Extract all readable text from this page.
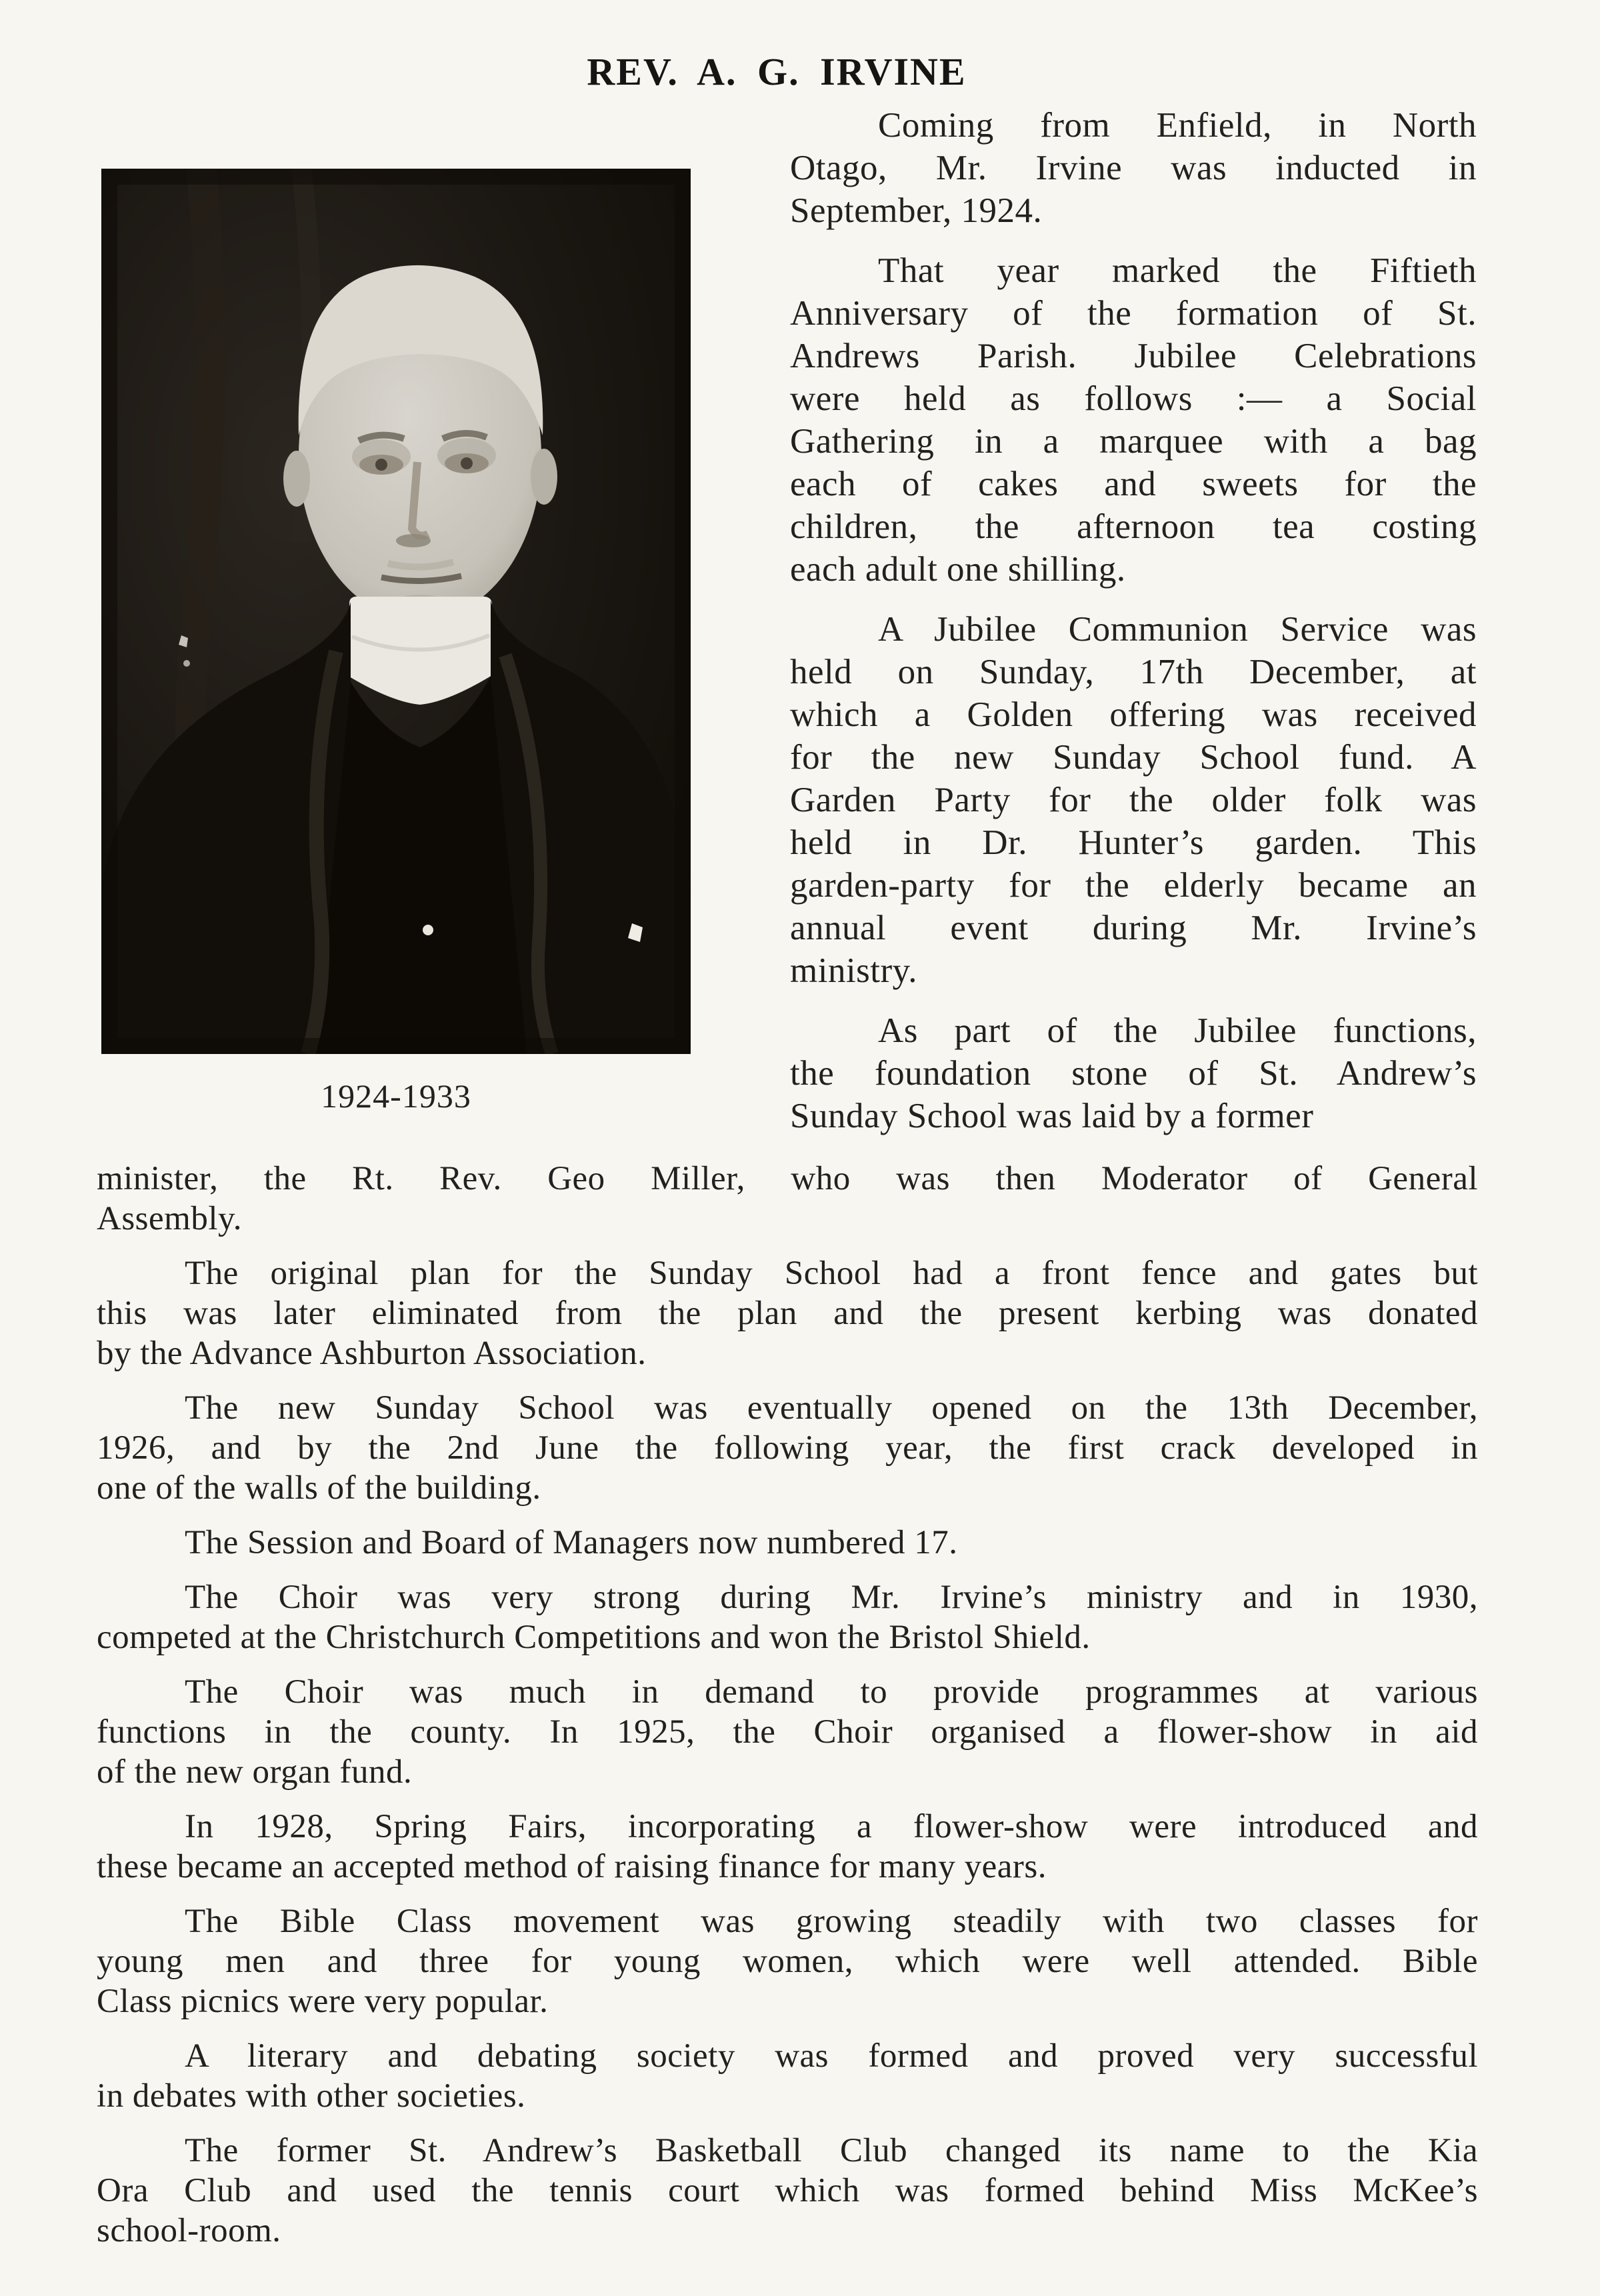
REV. A. G. IRVINE
1924-1933

Coming from Enfield, in North
Otago, Mr. Irvine was inducted in
September, 1924.

That year marked the Fiftieth
Anniversary of the formation of St.
Andrews Parish. Jubilee Celebrations
were held as follows :— a Social
Gathering in a marquee with a bag
each of cakes and sweets for the
children, the afternoon tea costing
each adult one shilling.

A Jubilee Communion Service was
held on Sunday, 17th December, at
which a Golden offering was received
for the new Sunday School fund. A
Garden Party for the older folk was
held in Dr. Hunter’s garden. This
garden-party for the elderly became an
annual event during Mr. Irvine’s
ministry.

As part of the Jubilee functions,
the foundation stone of St. Andrew’s
Sunday School was laid by a former

minister, the Rt. Rev. Geo Miller, who was then Moderator of General
Assembly.

The original plan for the Sunday School had a front fence and gates but
this was later eliminated from the plan and the present kerbing was donated
by the Advance Ashburton Association.

The new Sunday School was eventually opened on the 13th December,
1926, and by the 2nd June the following year, the first crack developed in
one of the walls of the building.

The Session and Board of Managers now numbered 17.

The Choir was very strong during Mr. Irvine’s ministry and in 1930,
competed at the Christchurch Competitions and won the Bristol Shield.

The Choir was much in demand to provide programmes at various
functions in the county. In 1925, the Choir organised a flower-show in aid
of the new organ fund.

In 1928, Spring Fairs, incorporating a flower-show were introduced and
these became an accepted method of raising finance for many years.

The Bible Class movement was growing steadily with two classes for
young men and three for young women, which were well attended. Bible
Class picnics were very popular.

A literary and debating society was formed and proved very successful
in debates with other societies.

The former St. Andrew’s Basketball Club changed its name to the Kia
Ora Club and used the tennis court which was formed behind Miss McKee’s
school-room.
